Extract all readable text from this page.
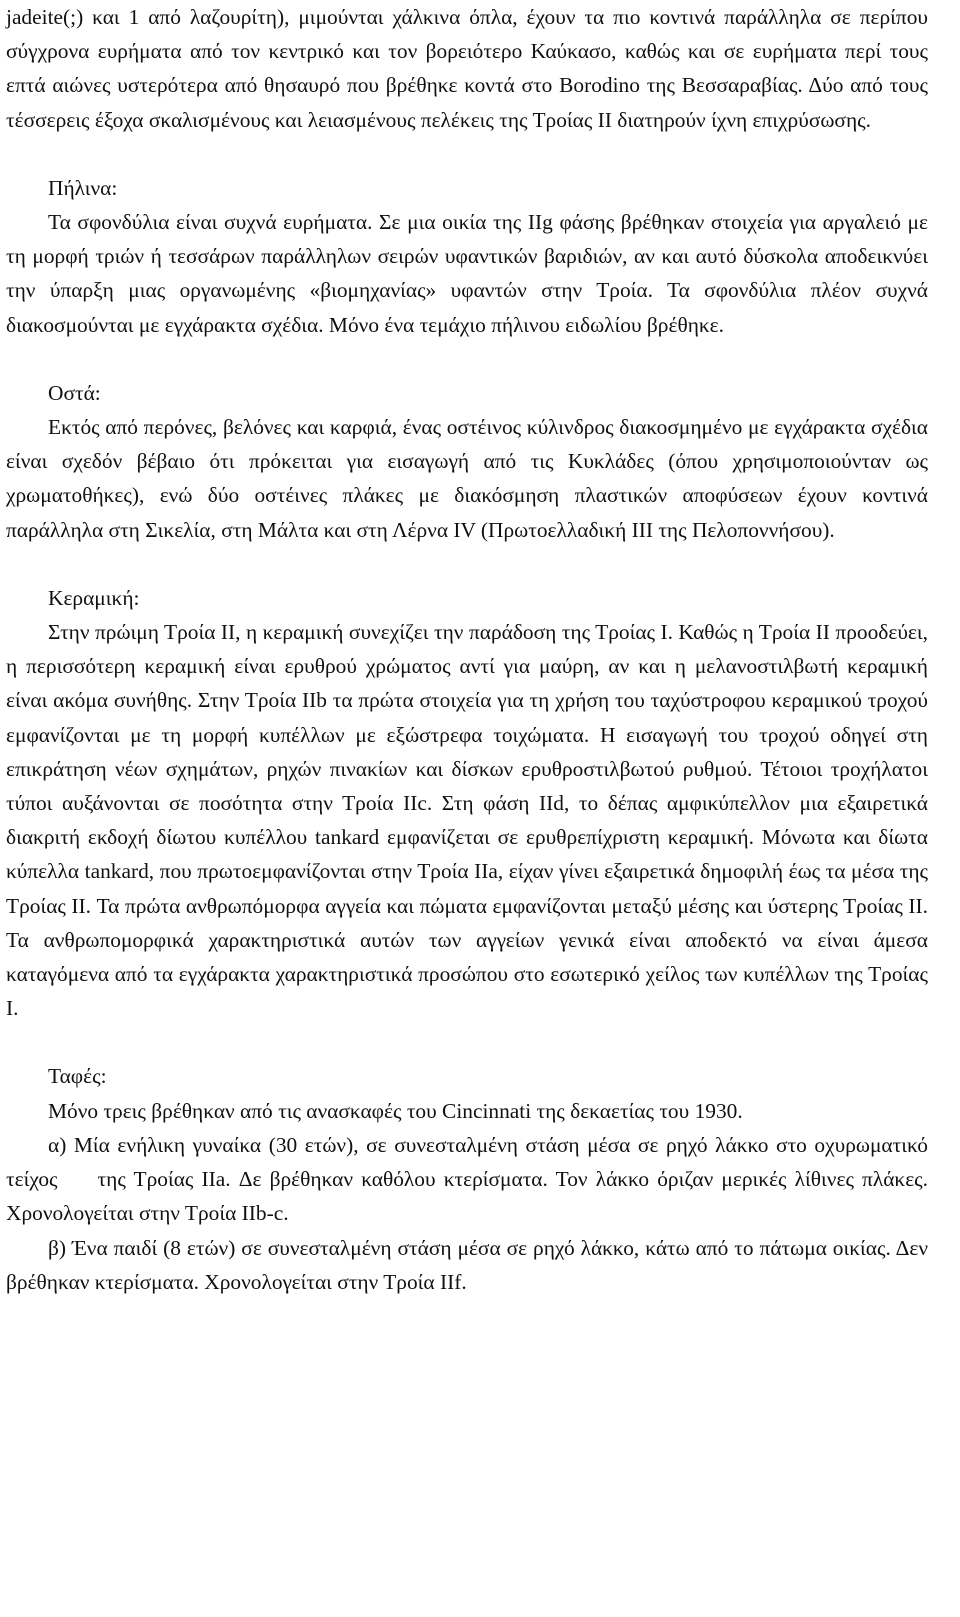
jadeite(;) και 1 από λαζουρίτη), μιμούνται χάλκινα όπλα, έχουν τα πιο κοντινά παράλληλα σε περίπου σύγχρονα ευρήματα από τον κεντρικό και τον βορειότερο Καύκασο, καθώς και σε ευρήματα περί τους επτά αιώνες υστερότερα από θησαυρό που βρέθηκε κοντά στο Borodino της Βεσσαραβίας. Δύο από τους τέσσερεις έξοχα σκαλισμένους και λειασμένους πελέκεις της Τροίας II διατηρούν ίχνη επιχρύσωσης.

Πήλινα:

Τα σφονδύλια είναι συχνά ευρήματα. Σε μια οικία της IIg φάσης βρέθηκαν στοιχεία για αργαλειό με τη μορφή τριών ή τεσσάρων παράλληλων σειρών υφαντικών βαριδιών, αν και αυτό δύσκολα αποδεικνύει την ύπαρξη μιας οργανωμένης «βιομηχανίας» υφαντών στην Τροία. Τα σφονδύλια πλέον συχνά διακοσμούνται με εγχάρακτα σχέδια. Μόνο ένα τεμάχιο πήλινου ειδωλίου βρέθηκε.

Οστά:

Εκτός από περόνες, βελόνες και καρφιά, ένας οστέινος κύλινδρος διακοσμημένο με εγχάρακτα σχέδια είναι σχεδόν βέβαιο ότι πρόκειται για εισαγωγή από τις Κυκλάδες (όπου χρησιμοποιούνταν ως χρωματοθήκες), ενώ δύο οστέινες πλάκες με διακόσμηση πλαστικών αποφύσεων έχουν κοντινά παράλληλα στη Σικελία, στη Μάλτα και στη Λέρνα IV (Πρωτοελλαδική III της Πελοποννήσου).

Κεραμική:

Στην πρώιμη Τροία II, η κεραμική συνεχίζει την παράδοση της Τροίας I. Καθώς η Τροία II προοδεύει, η περισσότερη κεραμική είναι ερυθρού χρώματος αντί για μαύρη, αν και η μελανοστιλβωτή κεραμική είναι ακόμα συνήθης. Στην Τροία IIb τα πρώτα στοιχεία για τη χρήση του ταχύστροφου κεραμικού τροχού εμφανίζονται με τη μορφή κυπέλλων με εξώστρεφα τοιχώματα. Η εισαγωγή του τροχού οδηγεί στη επικράτηση νέων σχημάτων, ρηχών πινακίων και δίσκων ερυθροστιλβωτού ρυθμού. Τέτοιοι τροχήλατοι τύποι αυξάνονται σε ποσότητα στην Τροία IIc. Στη φάση IId, το δέπας αμφικύπελλον μια εξαιρετικά διακριτή εκδοχή δίωτου κυπέλλου tankard εμφανίζεται σε ερυθρεπίχριστη κεραμική. Μόνωτα και δίωτα κύπελλα tankard, που πρωτοεμφανίζονται στην Τροία IIa, είχαν γίνει εξαιρετικά δημοφιλή έως τα μέσα της Τροίας II. Τα πρώτα ανθρωπόμορφα αγγεία και πώματα εμφανίζονται μεταξύ μέσης και ύστερης Τροίας II. Τα ανθρωπομορφικά χαρακτηριστικά αυτών των αγγείων γενικά είναι αποδεκτό να είναι άμεσα καταγόμενα από τα εγχάρακτα χαρακτηριστικά προσώπου στο εσωτερικό χείλος των κυπέλλων της Τροίας I.

Ταφές:

Μόνο τρεις βρέθηκαν από τις ανασκαφές του Cincinnati της δεκαετίας του 1930.

α) Μία ενήλικη γυναίκα (30 ετών), σε συνεσταλμένη στάση μέσα σε ρηχό λάκκο στο οχυρωματικό τείχος της Τροίας IIa. Δε βρέθηκαν καθόλου κτερίσματα. Τον λάκκο όριζαν μερικές λίθινες πλάκες. Χρονολογείται στην Τροία IIb-c.

β) Ένα παιδί (8 ετών) σε συνεσταλμένη στάση μέσα σε ρηχό λάκκο, κάτω από το πάτωμα οικίας. Δεν βρέθηκαν κτερίσματα. Χρονολογείται στην Τροία IIf.
